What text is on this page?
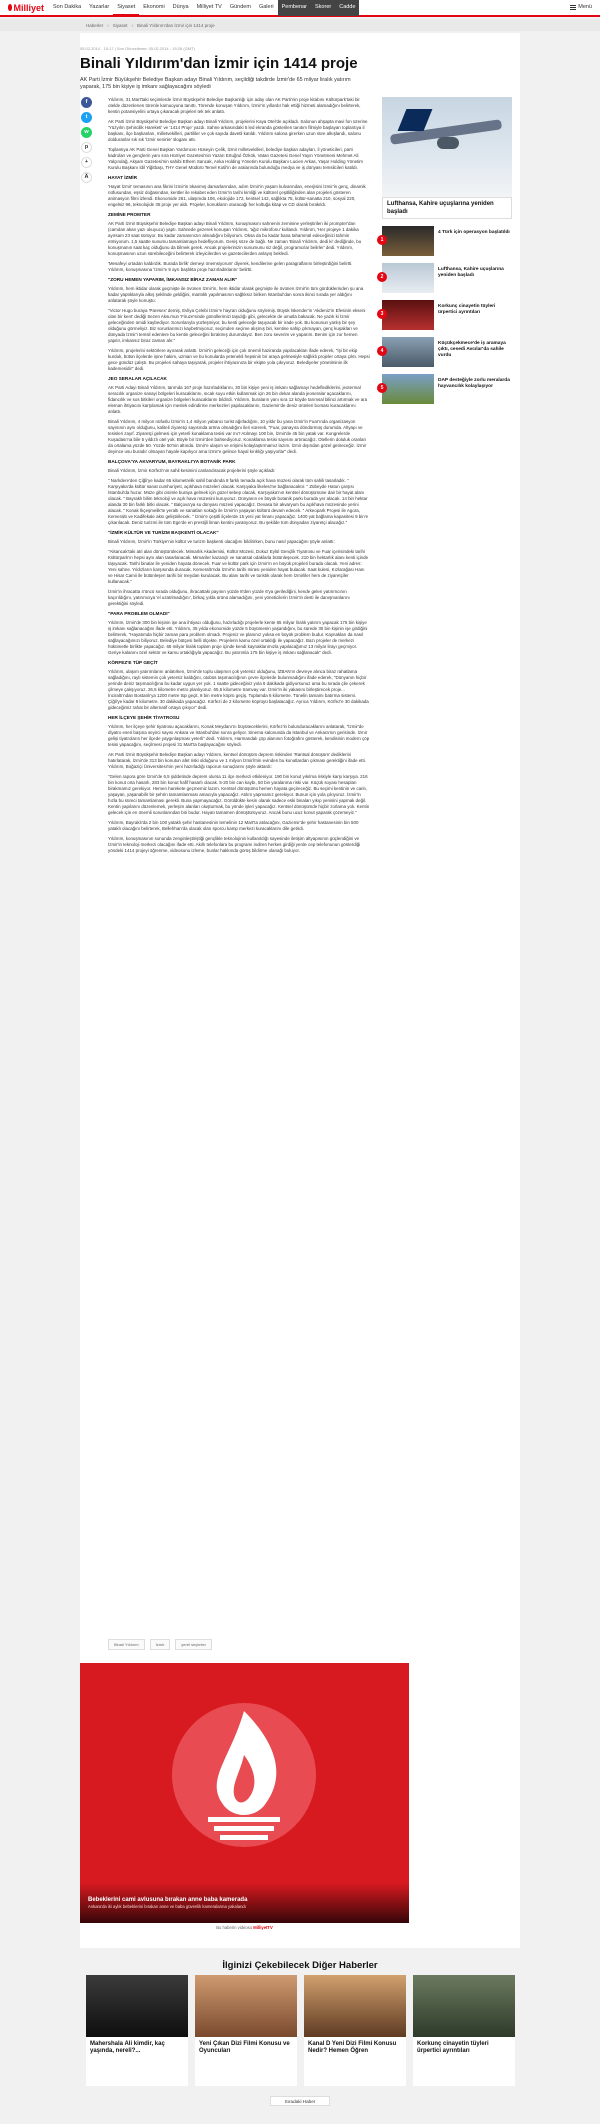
Milliyet	Son Dakika	Yazarlar	Siyaset	Ekonomi	Dünya	Milliyet TV	Gündem	Galeri	Pembenar	Skorer	Cadde	Menü
Haberler › Siyaset › Binali Yıldırım'dan İzmir için 1414 proje
05.02.2014 - 15:17 | Son Güncelleme: 05.02.2014 - 15:28 (GMT)
Binali Yıldırım'dan İzmir için 1414 proje

AK Parti İzmir Büyükşehir Belediye Başkan adayı Binali Yıldırım, seçildiği takdirde İzmir'de 65 milyar liralık yatırım yaparak, 175 bin kişiye iş imkanı sağlayacağını söyledi

f
t
w
p
+
Ä

Yıldırım, 31 Mart'taki seçimlerde İzmir Büyükşehir Belediye Başkanlığı için aday olan AK Parti'nin proje kitabını Kültürpark'taki bir otelde düzenlenen törenle kamuoyuna tanıttı. Törende konuşan Yıldırım, İzmir'in yıllardır hak ettiği hizmeti alamadığını belirterek, kentin potansiyelini ortaya çıkaracak projeleri tek tek anlattı.

AK Parti İzmir Büyükşehir Belediye Başkan adayı Binali Yıldırım, projelerini Kaya Otel'de açıkladı. Salonun ahşapta mavi fon üzerine 'Yüzyılın Şehircilik Hareketi' ve '1414 Proje' yazdı. Sahne arkasındaki 5 led ekranda gösterilen tanıtım filmiyle başlayan toplantıya il başkanı, ilçe başkanları, milletvekilleri, partililer ve çok sayıda davetli katıldı. Yıldırım salona girerken uzun süre alkışlandı, salonu dolduranlar sık sık 'İzmir seninle' sloganı attı.

Toplantıya AK Parti Genel Başkan Yardımcısı Hüseyin Çelik, İzmir milletvekilleri, belediye başkan adayları, il yöneticileri, parti kadroları ve gençlerin yanı sıra Hürriyet Gazetesi'nin Yazarı Ertuğrul Özkök, Vatan Gazetesi Genel Yayın Yönetmeni Mehmet Ali Yalçındağ, Akşam Gazetesi'nin sahibi Ethem Sancak, Anka Holding Yönetim Kurulu Başkanı Lucien Arkas, Yaşar Holding Yönetim Kurulu Başkanı İdil Yiğitbaşı, THY Genel Müdürü Temel Kotil'in de aralarında bulunduğu medya ve iş dünyası temsilcileri katıldı.

HAYAT İZMİR

'Hayat İzmir' temasının ana fikrini İzmir'in tıkanmış damarlarından, adım İzmir'in yaşam kulvarından, enerjisini İzmir'in genç, dinamik nüfusundan, eşsiz doğasından, kentler ile rekabet eden İzmir'in tarihi kimliği ve kültürel çeşitliliğinden alan projeleri gösteren animasyon filmi izlendi. Ekonomide 261, ulaşımda 106, ekolojide 172, kentsel 142, sağlıkta 75, kültür-sanatta 210, sosyal 220, engelsiz 96, teknolojide 35 proje yer aldı. Projeler, konukların oturacağı her koltuğa kitap ve CD olarak bırakıldı.

ZEMİNE PROMTER

AK Parti İzmir Büyükşehir Belediye Başkan adayı Binali Yıldırım, konuşmasını sahnenin zeminine yerleştirilen iki prompter'dan (camdan akan yazı okuyucu) yaptı. Sahnede gezerek konuşan Yıldırım, 'ağız mikrofonu' kullandı. Yıldırım, 'Her projeye 1 dakika ayırsam 23 saat sürüyor. Bu kadar zamanınızın almadığını biliyorum. Oksa da bu kadar bana tahammül edeceğinizi tahmin etmiyorum. 1,5 saatte sunumu tamamlamaya hedefliyorum. Geniş söze de bağlı. Ne zaman 'Binali Yıldırım, dedi ki' dediğinde, bu konuşmanın saat kaç olduğunu da bilmek gerek. Ancak projelerinizin sunumunu siz değil, programcılar belirler' dedi. Yıldırım, konuşmasının uzun sürebileceğini belirterek izleyicilerden ve gazetecilerden anlayış bekledi.

'Mesafeyi ortadan kaldırdık. Burada birlik' demeyi önemsiyorum' diyerek, kendilerine gelen paragraflarını birleştirdiğini belirtti. Yıldırım, konuşmasına 'İzmir'e 9 ayrı başlıkta proje hazırladıklarını' belirtti.

"ZORU HEMEN YAPARIM, İMKANSIZ BİRAZ ZAMAN ALIR"

Yıldırım, hem iktidar olarak geçmişte ile övünen İzmir'in, hem iktidar olarak geçmişte ile övünen İzmir'in tüm gördüklerinden şu ana kadar yaptıklarıyla alkış şeklinde geldiğini, mantıklı yapılmasının sağlıksız biriken İstanbul'dan sonra ikinci sırada yer aldığını anlatarak şöyle konuştu:

"Victor Hugo buraya 'Paresex' demiş, Evliya Çelebi İzmir'e hayran olduğunu söylemiş. Büyük İskender'in 'Akdeniz'in Efesinin ekseni olan bir kent' dediği Sezen Aksu'nun 'Firuze'sinde gönüllerimizi taşıdığı gibi, gelecekte de umutla bakacak. Ne yazık ki İzmir geleceğinden ümidi kaybediyor. Sorunlarıyla yüzleşmiyor, bu kenti geleceğe taşıyacak bir irade yok. Bu konunun yanlış bir şey olduğunu görmeliyiz. Biz sorunlarımızı kaybetmiyoruz, seçimden seçime alışmış biri, kentine sahip çıkmayan, genç kuşakları ve dünyada İzmir'i temsil edenlere bu kentin geleceğini bırakmış durumdayız. Ben zoru severim ve yaparım. Benim için zor hemen yapılır, imkansız biraz zaman alır."

Yıldırım, projelerini sektörlere ayırarak anlattı. İzmir'in geleceği için çok önemli haziranda yapılacakları ifade ederek, "İşi bir ekip kurduk, bütün ilçelerde işine hakim, uzman ve bu konularda yetenekli hepsinin bir araya gelmesiyle sağlıklı projeler ortaya çıktı. Hepsi gece gündüz çalıştı. Bu projeleri sahaya taşıyarak, projeler ihtiyacınıza bir ekipte yola çıkıyoruz. Belediyeler yönetiminin ilk kademesidir" dedi.

JEO SERALAR AÇILACAK

AK Parti Adayı Binali Yıldırım, tarımda 167 proje hazırladıklarını, 30 bin kişiye yeni iş imkanı sağlamayı hedeflediklerini, jeotermal seracılık organize sanayi bölgeleri kuracaklarını, sıcak suyu etkin kullanmak için 26 bin dekar alanda jeoseralar açacaklarını, fidancılık ve sos bitkileri organize bölgeleri kuracaklarını bildirdi. Yıldırım, buraların yanı sıra 12 köyde tarımsal bilinci artırmak ve ara eleman ihtiyacını karşılamak için meslek edindirme merkezleri yapılacaklarını, Gaziemir'de deniz ürünleri borsası kuracaklarını anlattı.

Binali Yıldırım, 4 milyon nüfuslu İzmir'in 1,4 milyon yabancı turist ağırladığını, 10 yıldır bu yana İzmir'in Fuar'ında organizasyon sayısının aynı olduğunu, kaliteli ziyaretçi sayısında artma olmadığını ileri sürerek, "Fuar, panayıra döndürmüş durumda. Altyapı ve tesisleri zayıf. Ziyaretçi gelmesi için yeterli konaklama tesisi var mı? Atılmayı 100 bin, İzmir'de 45 bin yatak var. Kongrelerde Kuşadası'na bile 5 yıldızlı otel yok. Böyle bir İzmir'den bahsediyoruz. Konaklama tesisi sayısını artıracağız. Otellerin doluluk oranları da ortalama yüzde 50. Yüzde 50'nin altında. İzmir'e ulaşım ve erişimi kolaylaştırmamız lazım. İzmir dışından gözel getireceğiz. İzmir deyince usu buradır olmayan hayale kapılıyor ama İzmir'e gelince hayal kırıklığı yaşıyorlar" dedi.

BALÇOVA'YA AKVARYUM, BAYRAKLI'YA BOTANİK PARK

Binali Yıldırım, İzmir Körfezi'nin sahil kesimini canlandıracak projelerini şöyle açıkladı:

" Narlıdere'den Çiğli'ye kadar 65 kilometrelik sahil bandında 8 farklı temada açık hava müzesi olarak tüm sahili tasarladık. " Karşıyaka'da kültür sanat cumhuriyeti, açıkhava müzeleri olacak. Karşıyaka likelesi'ne bağlanacaktır. " Zübeyde Hatun çarşısı İstanbul'da huzur. Müze gibi cisimle buraya gelmek için güzel sebep olacak, Karşıyaka'nın kentsel dönüşümüne dair bir hayat alanı olacak. " Bayraklı bilim teknoloji ve açık hava müzesini kuruyoruz. Dünyanın en büyük botanik parkı burada yer alacak. 14 bin hektar alanda 30 bin farklı bitki olacak. " Balçova'ya su dünyası müzesi yapacağız. Devasa bir akvaryum bu açıkhava müzesinde yerini alacak. " Konak İkçeşmelik'te yeraltı ve sanatları sokağı ile İzmir'in yaşayan kültürü devam edecek. " Arkeopark Projesi ile Agora, Kemeraltı ve Kadifekale aksı geliştirilecek. " İzmir'e çeşitli ilçelerde 15 yeni yat limanı yapacağız. 1400 yat bağlama kapasitesi 9 bin'e çıkarılacak. Deniz turizmi ile tüm Ege'de en prestijli liman kentini yaratıyoruz. Bu şekilde tüm dünyadan ziyaretçi alacağız."

"İZMİR KÜLTÜR VE TURİZM BAŞKENTİ OLACAK"

Binali Yıldırım, İzmir'in Türkiye'nin kültür ve turizm başkenti olacağını bildirirken, bunu nasıl yapacağını şöyle anlattı:

"Alsancak'taki atıl alan dönüştürülecek. Mimarlık Akademisi, Kültür Müzesi, Dokuz Eylül Gençlik Tiyatrosu ve Fuar içerisindeki tarihi Kültürpark'ın hepsi aynı alan tasarlanacak. Mimariler kazançlı ve sanatsal odaklarla bütünleşecek. 210 bin hektarlık alanı kenti içinde taşıyacak. Tarihi binalar ile yeniden hayata dönecek. Fuar ve kültür park için İzmir'in en büyük projeleri burada olacak. Yeni adres: Yeni sahne. Yıldızların karşısında duracak. Kemeraltı'nda İzmir'in tarihi mirası yeniden hayat bulacak. Saat kulesi, Kızlarağası Hanı ve Hisar Camii ile bütünleşen tarihi bir meydan kurulacak. Bu alanı tarihi ve turistik olarak hem İzmirliler hem de ziyaretçiler kullanacak."

İzmir'in ihracatta 4'üncü sırada olduğunu, ihracattaki payının yüzde 8'den yüzde 6'ya gerilediğini, kende gelen yatırımcının kaçırıldığını, yatırımcıya 'el uzatılmadığını', birkaç yılda ürünü alamadığını, yeni yöneticilerin İzmir'in desti ile danışmanlarını gerektiğini söyledi.

"PARA PROBLEM OLMADI"

Yıldırım, İzmir'de 300 bin kişinin işe ana ihtiyacı olduğunu, hazırladığı projelerle kente 65 milyar liralık yatırım yapacak 175 bin kişiye iş imkanı sağlanacağını ifade etti. Yıldırım, 35 yılda ekonomide yüzde 5 büyümenin yaşandığını, bu sürede 30 bin kişinin işe girdiğini belirterek, "Hayatımda hiçbir zaman para problem olmadı. Projeniz ve planınız yoksa en büyük problem budur. Kaynakları da nasıl sağlayacağımızı biliyoruz. Belediye bütçesi belli ölçekte. Projelerin kamu özel ortaklığı ile yapacağız. Bazı projeler de merkezi hükümetle birlikte yapacağız. 65 milyar liralık toplam proje içinde kendi kaynaklarımızla yapılacağımız 13 milyar lirayı geçmiyor. Geriye kalanını özel sektör ve kamu ortaklığıyla yapacağız. Bu yatırımla 175 bin kişiye iş imkanı sağlanacak" dedi.

KÖRFEZ'E TÜP GEÇİT

Yıldırım, ulaşım yatırımlarını anlatırken, İzmir'de toplu ulaşımın çok yetersiz olduğunu, İZBAN'ın devreye alınca biraz rahatlama sağladığını, raylı sistemin çok yetersiz kaldığını, otobüs taşımacılığının çevre ilçelerde bulunmadığını ifade ederek, "Dünyanın hiçbir yerinde deniz taşımacılığına bu kadar uygun yer yok. 1 saatte gideceğiniz yola 6 dakikada gidiyorsunuz ama bu sırada çile çekerek çilmeye çalışıyoruz. 26,5 kilometre metro planlıyoruz. 65,5 kilometre tramvay var. İzmir'in iki yakasını birleştirecek proje... İnciraltı'ndan Bostanlı'ya 1200 metre tüp geçit, 8 bin metre köprü geçiş. Toplamda 6 kilometre. Tünelin tamamı batırma sistemi. Çiğli'ye kadar 9 kilometre. 30 dakikada yapacağız. Körfezi de 2 kilometre köprüyü başlatacağız. Ayrıca Yıldırım, Körfez'e 30 dakikada gideceğimiz rahat bir alternatif ortaya çıkıyor" dedi.

HER İLÇEYE ŞEHİR TİYATROSU

Yıldırım, her ilçeye şehir tiyatrosu açacaklarını, Konak Meydanı'nı büyüteceklerini, Körfez'in bulunduracaklarını anlatarak, "İzmir'de diyatro eseri başına seyirci sayısı Ankara ve İstanbul'dan sonra geliyor. Sinema salonunda da İstanbul ve Ankara'nın gerisinde. İzmir gelişi tiyatroların her ilçede yaygınlaşması yeterli" dedi. Yıldırım, Harmandalı çöp alanının fotoğrafını gösterek, kendisinin modern çöp tesisi yapacağını, seçilmesi projesi 31 Mart'ta başlayacağını söyledi.

AK Parti İzmir Büyükşehir Belediye Başkan adayı Yıldırım, kentsel dönüşüm deprem riskinden 'Rantsal dönüşüm' dediklerini hatırlatarak, İzmir'de 313 bin konutun afet riski olduğunu ve 1 milyon İzmirli'nin evinden bu konutlardan çıkması gerektiğini ifade etti. Yıldırım, Boğaziçi Üniversitesi'nin yeni hazırladığı raporun sonuçlarını şöyle aktardı:

"Gelen rapora göre İzmir'de 6,5 şiddetinde deprem olursa 11 ilçe merkezi etkileniyor. 190 bin konut yıkılma riskiyle karşı karşıya. 216 bin konut orta hasarlı, 283 bin konut hafif hasarlı olacak. 5-20 bin can kaybı, 50 bin yaralanma riski var. Küçük soyası hesapları birakmamız gerekiyor. Hemen harekete geçmemiz lazım. Kentsel dönüşümü hemen hayata geçireceğiz. Bu seçimi kentinin ve canlı, yaşayan, yaşanabilir bir şehrin tamamlanması amacıyla yapacağız. Atılım yapmamız gerekiyor. Bunun için yola çıkıyoruz. İzmir'in hızla bu süreci tamamlaması gerekli. Buna yapmayacağız. Görüldükte kesin olarak sadece eski binaları yıkıp yenisini yapmak değil. Kentin yapılarını düzenlemek, yerleşim alanları oluşturmak, bu yönde işleri yapacağız. Kentsel dönüşümde hiçbir zorlama yok. Kentin gelecek için en önemli sorunlarından biri budur. Hayatı tamamen dönüştürüyoruz. Ancak bunu ucuz konut yaparak çözemeyiz."

Yıldırım, Bayraklı'da 2 bin 100 yataklı şehir hastanesinin temelinin 12 Mart'ta atılacağını, Gaziemir'de şehir hastanesinin bin 500 yataklı olacağını belirterek, Bellehhan'da olacak olan sporcu kamp merkezi kuracaklarını dile getirdi.

Yıldırım, konuşmasının sonunda zenginleştiriştiği gençlikle teknolojinin kullanıldığı sayesinde iletişim altyapısının güçlendiğini ve İzmir'in teknoloji merkezi olacağını ifade etti. Akıllı telefonlara bu programı indiren herkes girdiği yerde cep telefonunun gösterdiği yöndeki 1414 projeyi öğrenme, videosunu izleme, bunlar hakkında görüş bildirme olanağı buluyor.

Lufthansa, Kahire uçuşlarına yeniden başladı
1
4 Türk için operasyon başlatıldı
2
Lufthansa, Kahire uçuşlarına yeniden başladı
3
Korkunç cinayetin tüyleri ürpertici ayrıntıları
4
Küçükçekmece'de iş aramaya çıktı, cesedi Avcılar'da sahile vurdu
5
DAP desteğiyle zorlu meralarda hayvancılık kolaylaşıyor
Binali Yıldırım	İzmir	yerel seçimler
Bebeklerini cami avlusuna bırakan anne baba kamerada
Ankara'da iki aylık bebeklerini bırakan anne ve baba güvenlik kameralarına yakalandı
Bu haberin videosu MilliyetTV
İlginizi Çekebilecek Diğer Haberler
Mahershala Ali kimdir, kaç yaşında, nereli?...
Yeni Çıkan Dizi Filmi Konusu ve Oyuncuları
Kanal D Yeni Dizi Filmi Konusu Nedir? Hemen Öğren
Korkunç cinayetin tüyleri ürpertici ayrıntıları
Sıradaki Haber
